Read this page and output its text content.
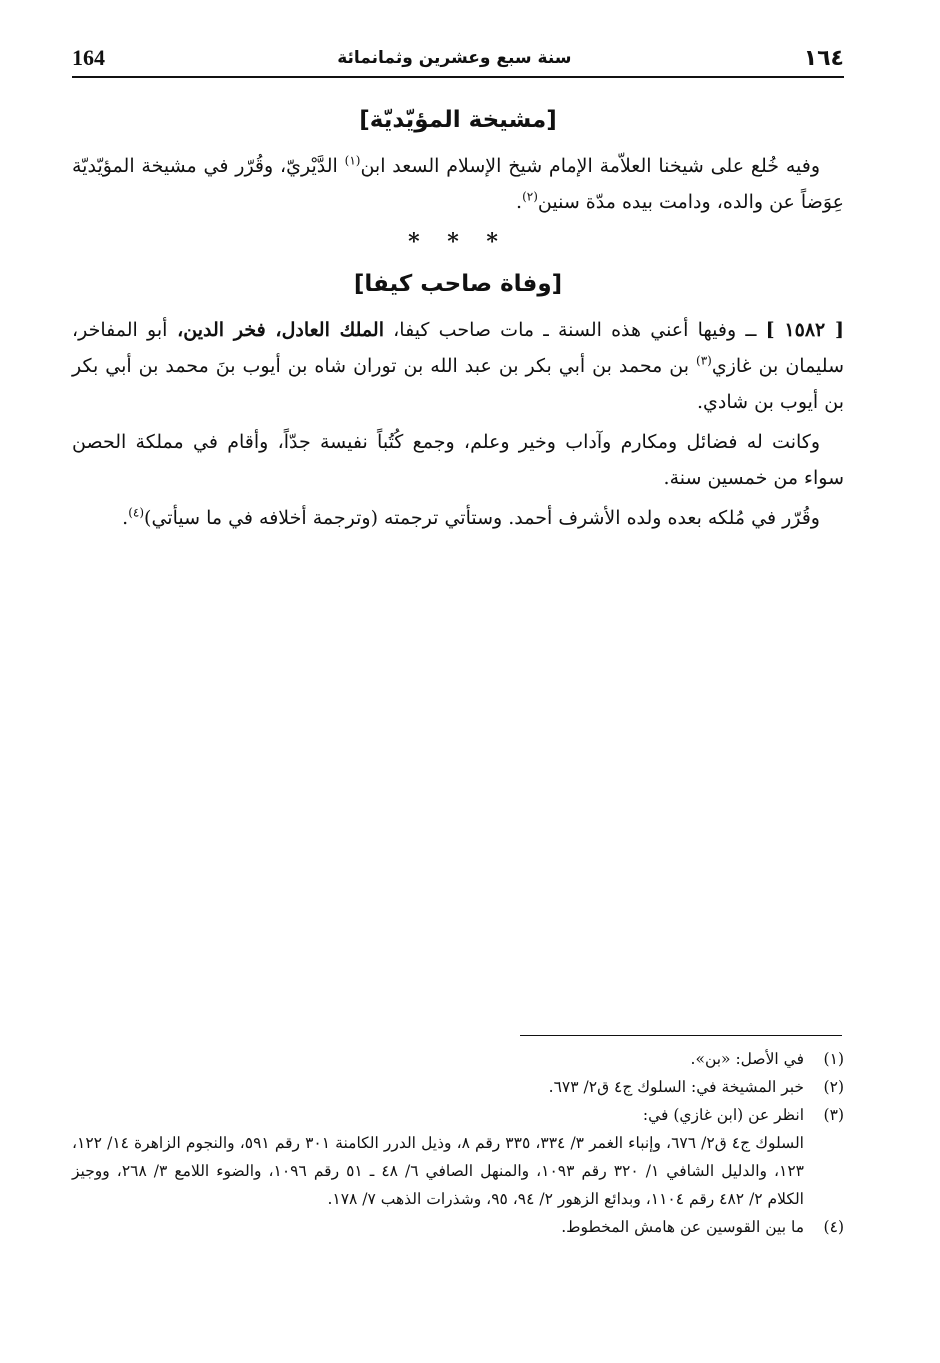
164	سنة سبع وعشرين وثمانمائة	١٦٤
[مشيخة المؤيّديّة]

وفيه خُلع على شيخنا العلاّمة الإمام شيخ الإسلام السعد ابن$^{(١)}$ الدَّيْريّ، وقُرّر في مشيخة المؤيّديّة عِوَضاً عن والده، ودامت بيده مدّة سنين$^{(٢)}$.

* * *
[وفاة صاحب كيفا]

[ ١٥٨٢ ] ــ وفيها أعني هذه السنة ـ مات صاحب كيفا، الملك العادل، فخر الدين، أبو المفاخر، سليمان بن غازي$^{(٣)}$ بن محمد بن أبي بكر بن عبد الله بن توران شاه بن أيوب بنَ محمد بن أبي بكر بن أيوب بن شادي.

وكانت له فضائل ومكارم وآداب وخير وعلم، وجمع كُتُباً نفيسة جدّاً، وأقام في مملكة الحصن سواء من خمسين سنة.

وقُرّر في مُلكه بعده ولده الأشرف أحمد. وستأتي ترجمته (وترجمة أخلافه في ما سيأتي)$^{(٤)}$.

(١)
في الأصل: «بن».
(٢)
خبر المشيخة في: السلوك ج٤ ق٢/ ٦٧٣.
(٣)
انظر عن (ابن غازي) في:
السلوك ج٤ ق٢/ ٦٧٦، وإنباء الغمر ٣/ ٣٣٤، ٣٣٥ رقم ٨، وذيل الدرر الكامنة ٣٠١ رقم ٥٩١، والنجوم الزاهرة ١٤/ ١٢٢، ١٢٣، والدليل الشافي ١/ ٣٢٠ رقم ١٠٩٣، والمنهل الصافي ٦/ ٤٨ ـ ٥١ رقم ١٠٩٦، والضوء اللامع ٣/ ٢٦٨، ووجيز الكلام ٢/ ٤٨٢ رقم ١١٠٤، وبدائع الزهور ٢/ ٩٤، ٩٥، وشذرات الذهب ٧/ ١٧٨.
(٤)
ما بين القوسين عن هامش المخطوط.
